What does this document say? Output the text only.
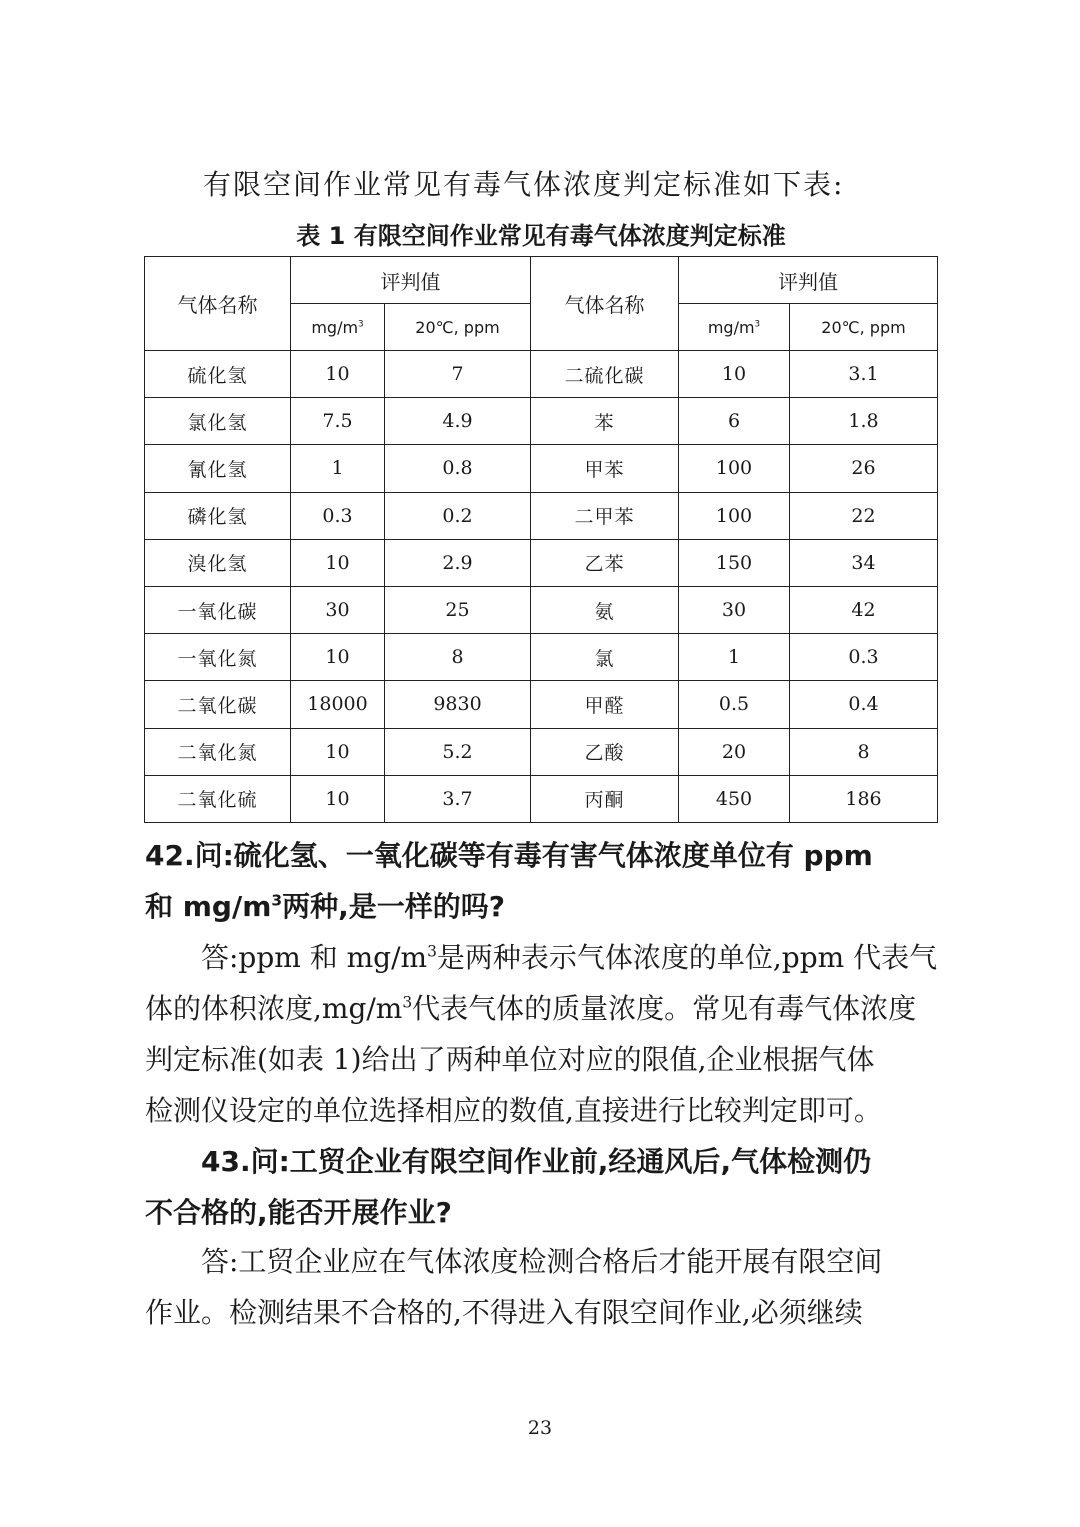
有限空间作业常见有毒气体浓度判定标准如下表:
表 1 有限空间作业常见有毒气体浓度判定标准
气体名称	评判值		气体名称	评判值	
	$mg/m^3$	20℃, ppm		$mg/m^3$	20℃, ppm
硫化氢	10	7	二硫化碳	10	3.1
氯化氢	7.5	4.9	苯	6	1.8
氰化氢	1	0.8	甲苯	100	26
磷化氢	0.3	0.2	二甲苯	100	22
溴化氢	10	2.9	乙苯	150	34
一氧化碳	30	25	氨	30	42
一氧化氮	10	8	氯	1	0.3
二氧化碳	18000	9830	甲醛	0.5	0.4
二氧化氮	10	5.2	乙酸	20	8
二氧化硫	10	3.7	丙酮	450	186
42.问:硫化氢、一氧化碳等有毒有害气体浓度单位有 ppm
和 $mg/m^3$两种,是一样的吗?
答:ppm 和 $mg/m^3$是两种表示气体浓度的单位,ppm 代表气
体的体积浓度$,mg/m^3$代表气体的质量浓度。常见有毒气体浓度
判定标准(如表 1)给出了两种单位对应的限值,企业根据气体
检测仪设定的单位选择相应的数值,直接进行比较判定即可。
43.问:工贸企业有限空间作业前,经通风后,气体检测仍
不合格的,能否开展作业?
答:工贸企业应在气体浓度检测合格后才能开展有限空间
作业。检测结果不合格的,不得进入有限空间作业,必须继续
23
